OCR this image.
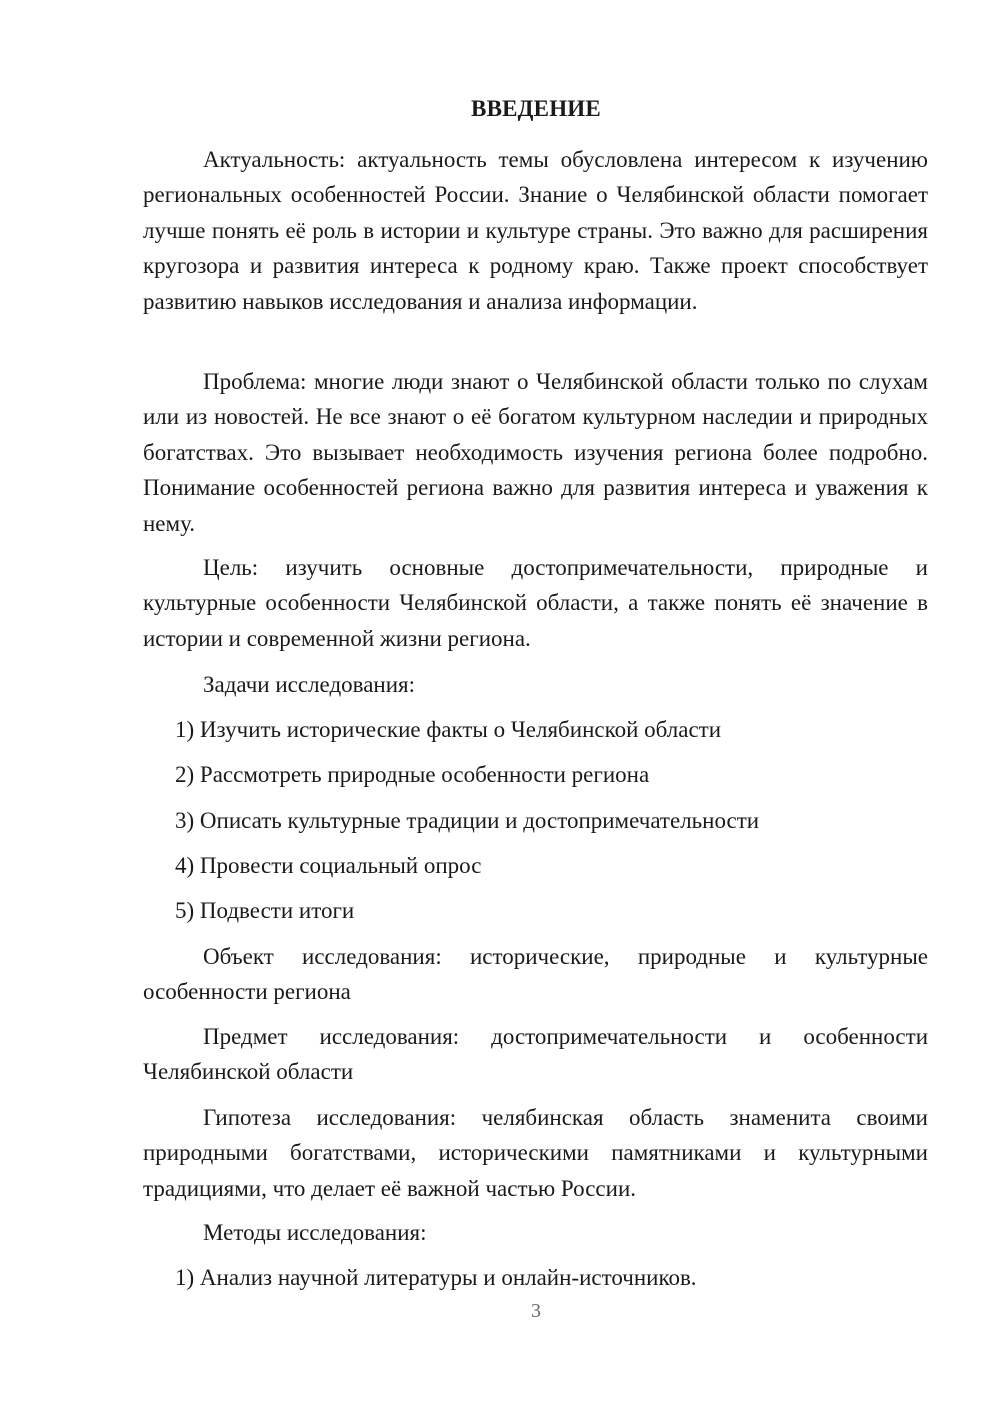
ВВЕДЕНИЕ

Актуальность: актуальность темы обусловлена интересом к изучению региональных особенностей России. Знание о Челябинской области помогает лучше понять её роль в истории и культуре страны. Это важно для расширения кругозора и развития интереса к родному краю. Также проект способствует развитию навыков исследования и анализа информации.

Проблема: многие люди знают о Челябинской области только по слухам или из новостей. Не все знают о её богатом культурном наследии и природных богатствах. Это вызывает необходимость изучения региона более подробно. Понимание особенностей региона важно для развития интереса и уважения к нему.

Цель: изучить основные достопримечательности, природные и культурные особенности Челябинской области, а также понять её значение в истории и современной жизни региона.

Задачи исследования:
1) Изучить исторические факты о Челябинской области
2) Рассмотреть природные особенности региона
3) Описать культурные традиции и достопримечательности
4) Провести социальный опрос
5) Подвести итоги

Объект исследования: исторические, природные и культурные особенности региона

Предмет исследования: достопримечательности и особенности Челябинской области

Гипотеза исследования: челябинская область знаменита своими природными богатствами, историческими памятниками и культурными традициями, что делает её важной частью России.

Методы исследования:
1) Анализ научной литературы и онлайн-источников.
3
